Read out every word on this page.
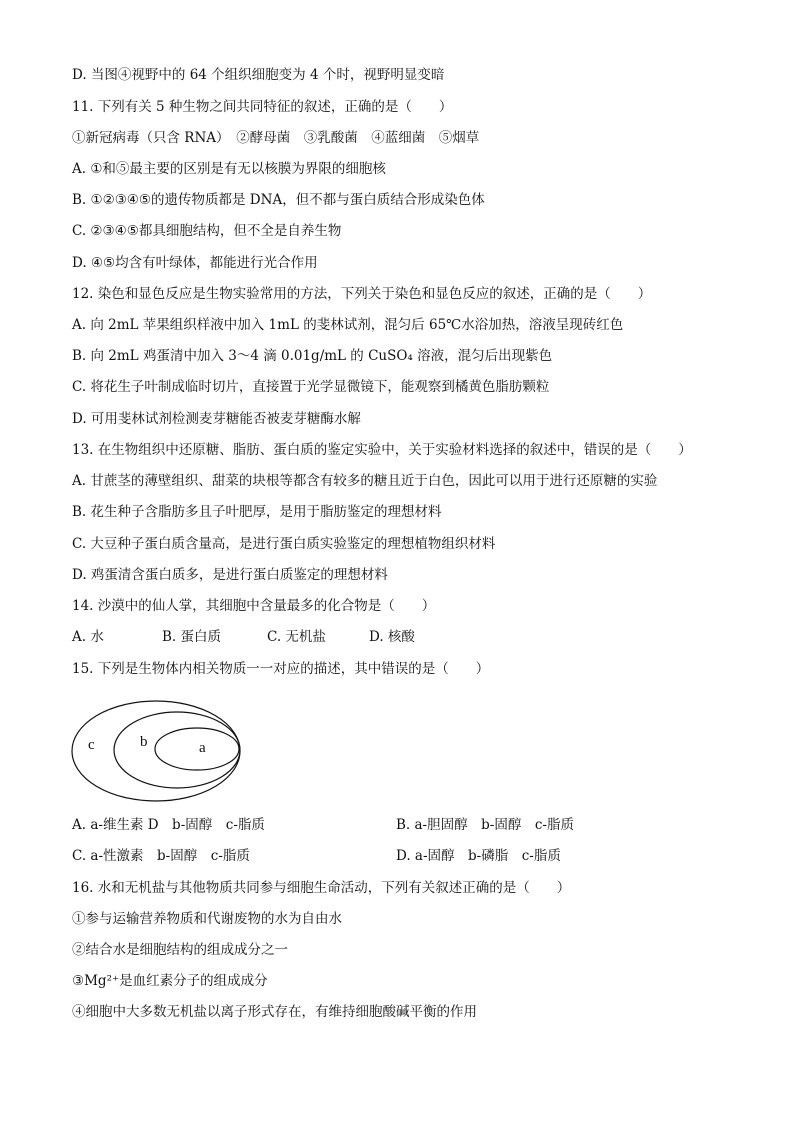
D. 当图④视野中的 64 个组织细胞变为 4 个时，视野明显变暗
11. 下列有关 5 种生物之间共同特征的叙述，正确的是（　　）
①新冠病毒（只含 RNA）　②酵母菌　③乳酸菌　④蓝细菌　⑤烟草
A. ①和⑤最主要的区别是有无以核膜为界限的细胞核
B. ①②③④⑤的遗传物质都是 DNA，但不都与蛋白质结合形成染色体
C. ②③④⑤都具细胞结构，但不全是自养生物
D. ④⑤均含有叶绿体，都能进行光合作用
12. 染色和显色反应是生物实验常用的方法，下列关于染色和显色反应的叙述，正确的是（　　）
A. 向 2mL 苹果组织样液中加入 1mL 的斐林试剂，混匀后 65℃水浴加热，溶液呈现砖红色
B. 向 2mL 鸡蛋清中加入 3～4 滴 0.01g/mL 的 CuSO₄ 溶液，混匀后出现紫色
C. 将花生子叶制成临时切片，直接置于光学显微镜下，能观察到橘黄色脂肪颗粒
D. 可用斐林试剂检测麦芽糖能否被麦芽糖酶水解
13. 在生物组织中还原糖、脂肪、蛋白质的鉴定实验中，关于实验材料选择的叙述中，错误的是（　　）
A. 甘蔗茎的薄壁组织、甜菜的块根等都含有较多的糖且近于白色，因此可以用于进行还原糖的实验
B. 花生种子含脂肪多且子叶肥厚，是用于脂肪鉴定的理想材料
C. 大豆种子蛋白质含量高，是进行蛋白质实验鉴定的理想植物组织材料
D. 鸡蛋清含蛋白质多，是进行蛋白质鉴定的理想材料
14. 沙漠中的仙人掌，其细胞中含量最多的化合物是（　　）
A. 水	B. 蛋白质	C. 无机盐	D. 核酸
15. 下列是生物体内相关物质一一对应的描述，其中错误的是（　　）
c	b	a
A. a-维生素 D　b-固醇　c-脂质	B. a-胆固醇　b-固醇　c-脂质
C. a-性激素　b-固醇　c-脂质	D. a-固醇　b-磷脂　c-脂质
16. 水和无机盐与其他物质共同参与细胞生命活动，下列有关叙述正确的是（　　）
①参与运输营养物质和代谢废物的水为自由水
②结合水是细胞结构的组成成分之一
③Mg²⁺是血红素分子的组成成分
④细胞中大多数无机盐以离子形式存在，有维持细胞酸碱平衡的作用
